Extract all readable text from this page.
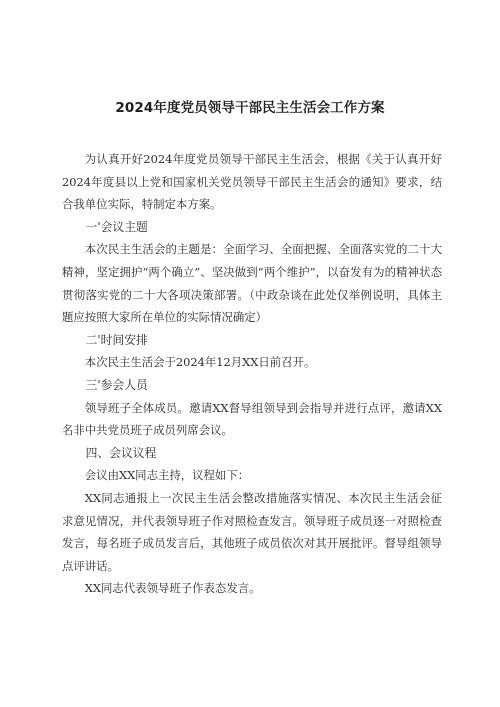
2024年度党员领导干部民主生活会工作方案

为认真开好2024年度党员领导干部民主生活会，根据《关于认真开好2024年度县以上党和国家机关党员领导干部民主生活会的通知》要求，结合我单位实际，特制定本方案。

一'会议主题

本次民主生活会的主题是：全面学习、全面把握、全面落实党的二十大精神，坚定拥护“两个确立”、坚决做到“两个维护”，以奋发有为的精神状态贯彻落实党的二十大各项决策部署。（中政杂谈在此处仅举例说明，具体主题应按照大家所在单位的实际情况确定）

二'时间安排

本次民主生活会于2024年12月XX日前召开。

三'参会人员

领导班子全体成员。邀请XX督导组领导到会指导并进行点评，邀请XX名非中共党员班子成员列席会议。

四、会议议程

会议由XX同志主持，议程如下：

XX同志通报上一次民主生活会整改措施落实情况、本次民主生活会征求意见情况，并代表领导班子作对照检查发言。领导班子成员逐一对照检查发言，每名班子成员发言后，其他班子成员依次对其开展批评。督导组领导点评讲话。

XX同志代表领导班子作表态发言。
